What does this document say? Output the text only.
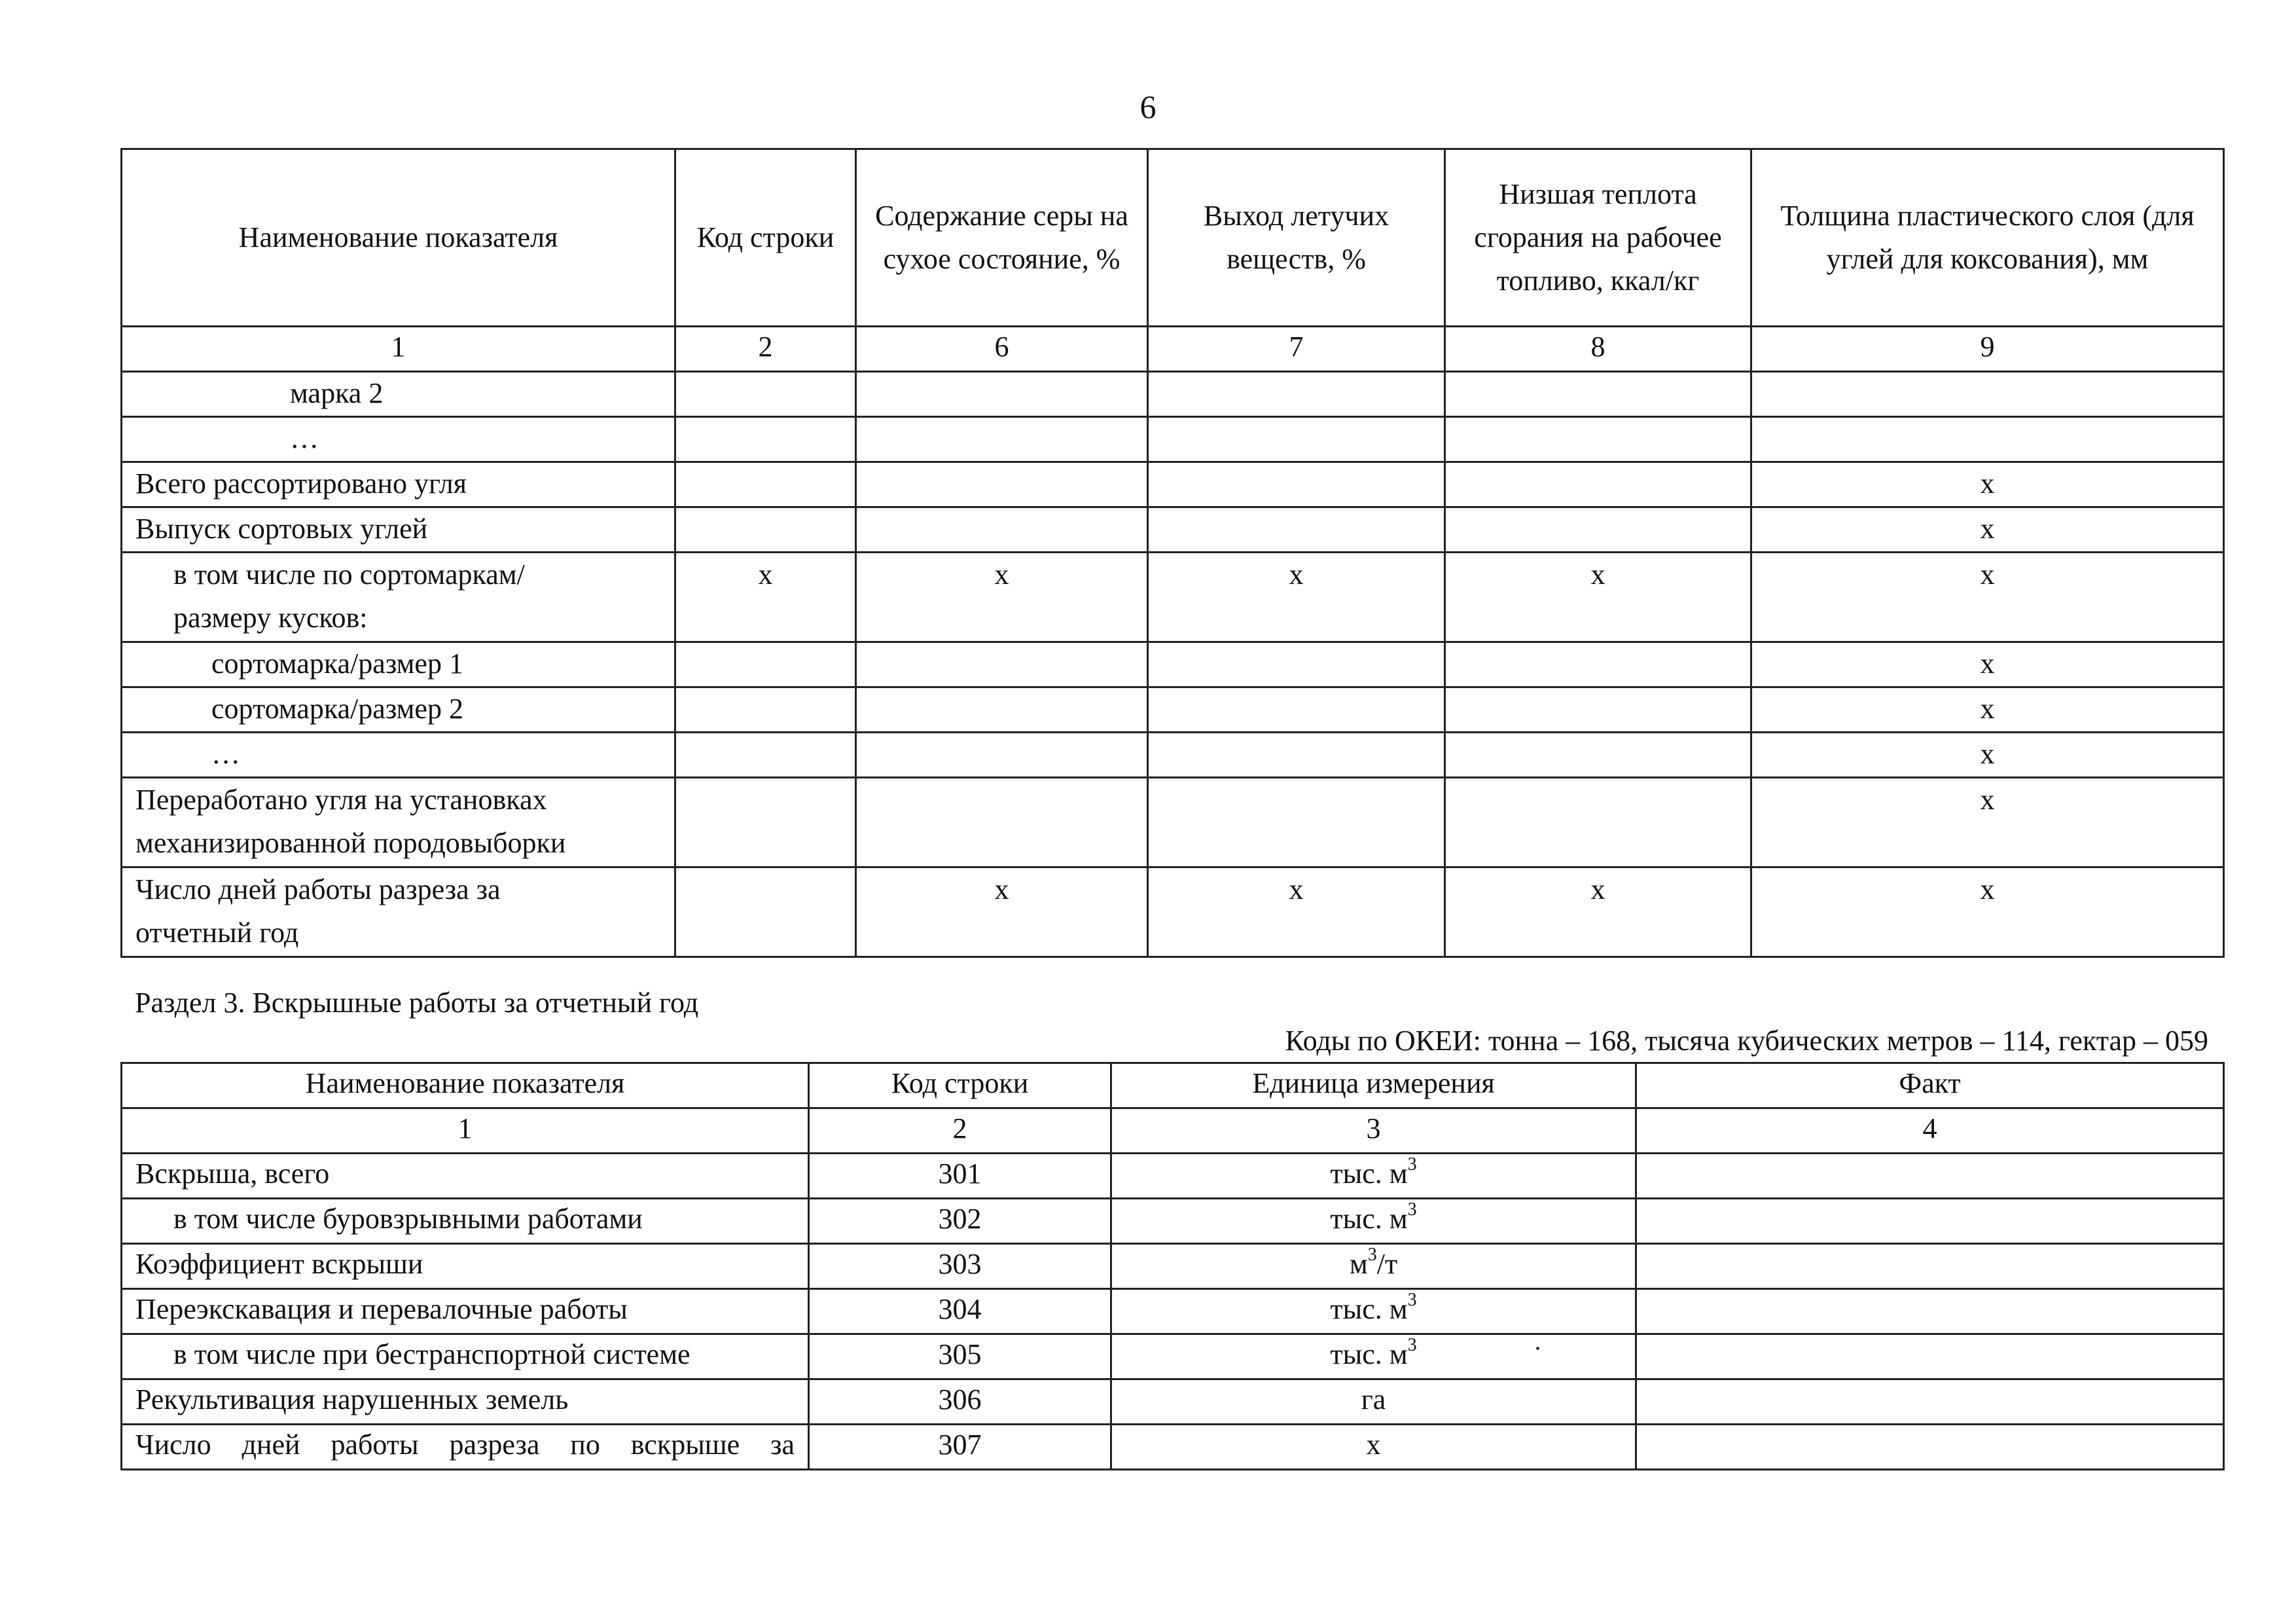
6
Наименование показателя	Код строки	Содержание серы на сухое состояние, %	Выход летучих веществ, %	Низшая теплота сгорания на рабочее топливо, ккал/кг	Толщина пластического слоя (для углей для коксования), мм
1	2	6	7	8	9
марка 2					
…					
Всего рассортировано угля					x
Выпуск сортовых углей					x

в том числе по сортомаркам/
размеру кусков:	x	x	x	x	x
сортомарка/размер 1					x
сортомарка/размер 2					x
…					x

Переработано угля на установках
механизированной породовыборки					x

Число дней работы разреза за
отчетный год		x	x	x	x
Раздел 3. Вскрышные работы за отчетный год
Коды по ОКЕИ: тонна – 168, тысяча кубических метров – 114, гектар – 059
Наименование показателя	Код строки	Единица измерения	Факт
1	2	3	4
Вскрыша, всего	301	тыс. $м^3$	
в том числе буровзрывными работами	302	тыс. $м^3$	
Коэффициент вскрыши	303	$м^3/т$	
Переэкскавация и перевалочные работы	304	тыс. $м^3$	
в том числе при бестранспортной системе	305	тыс. $м^3$	
Рекультивация нарушенных земель	306	га	
Число дней работы разреза по вскрыше за	307	x	
